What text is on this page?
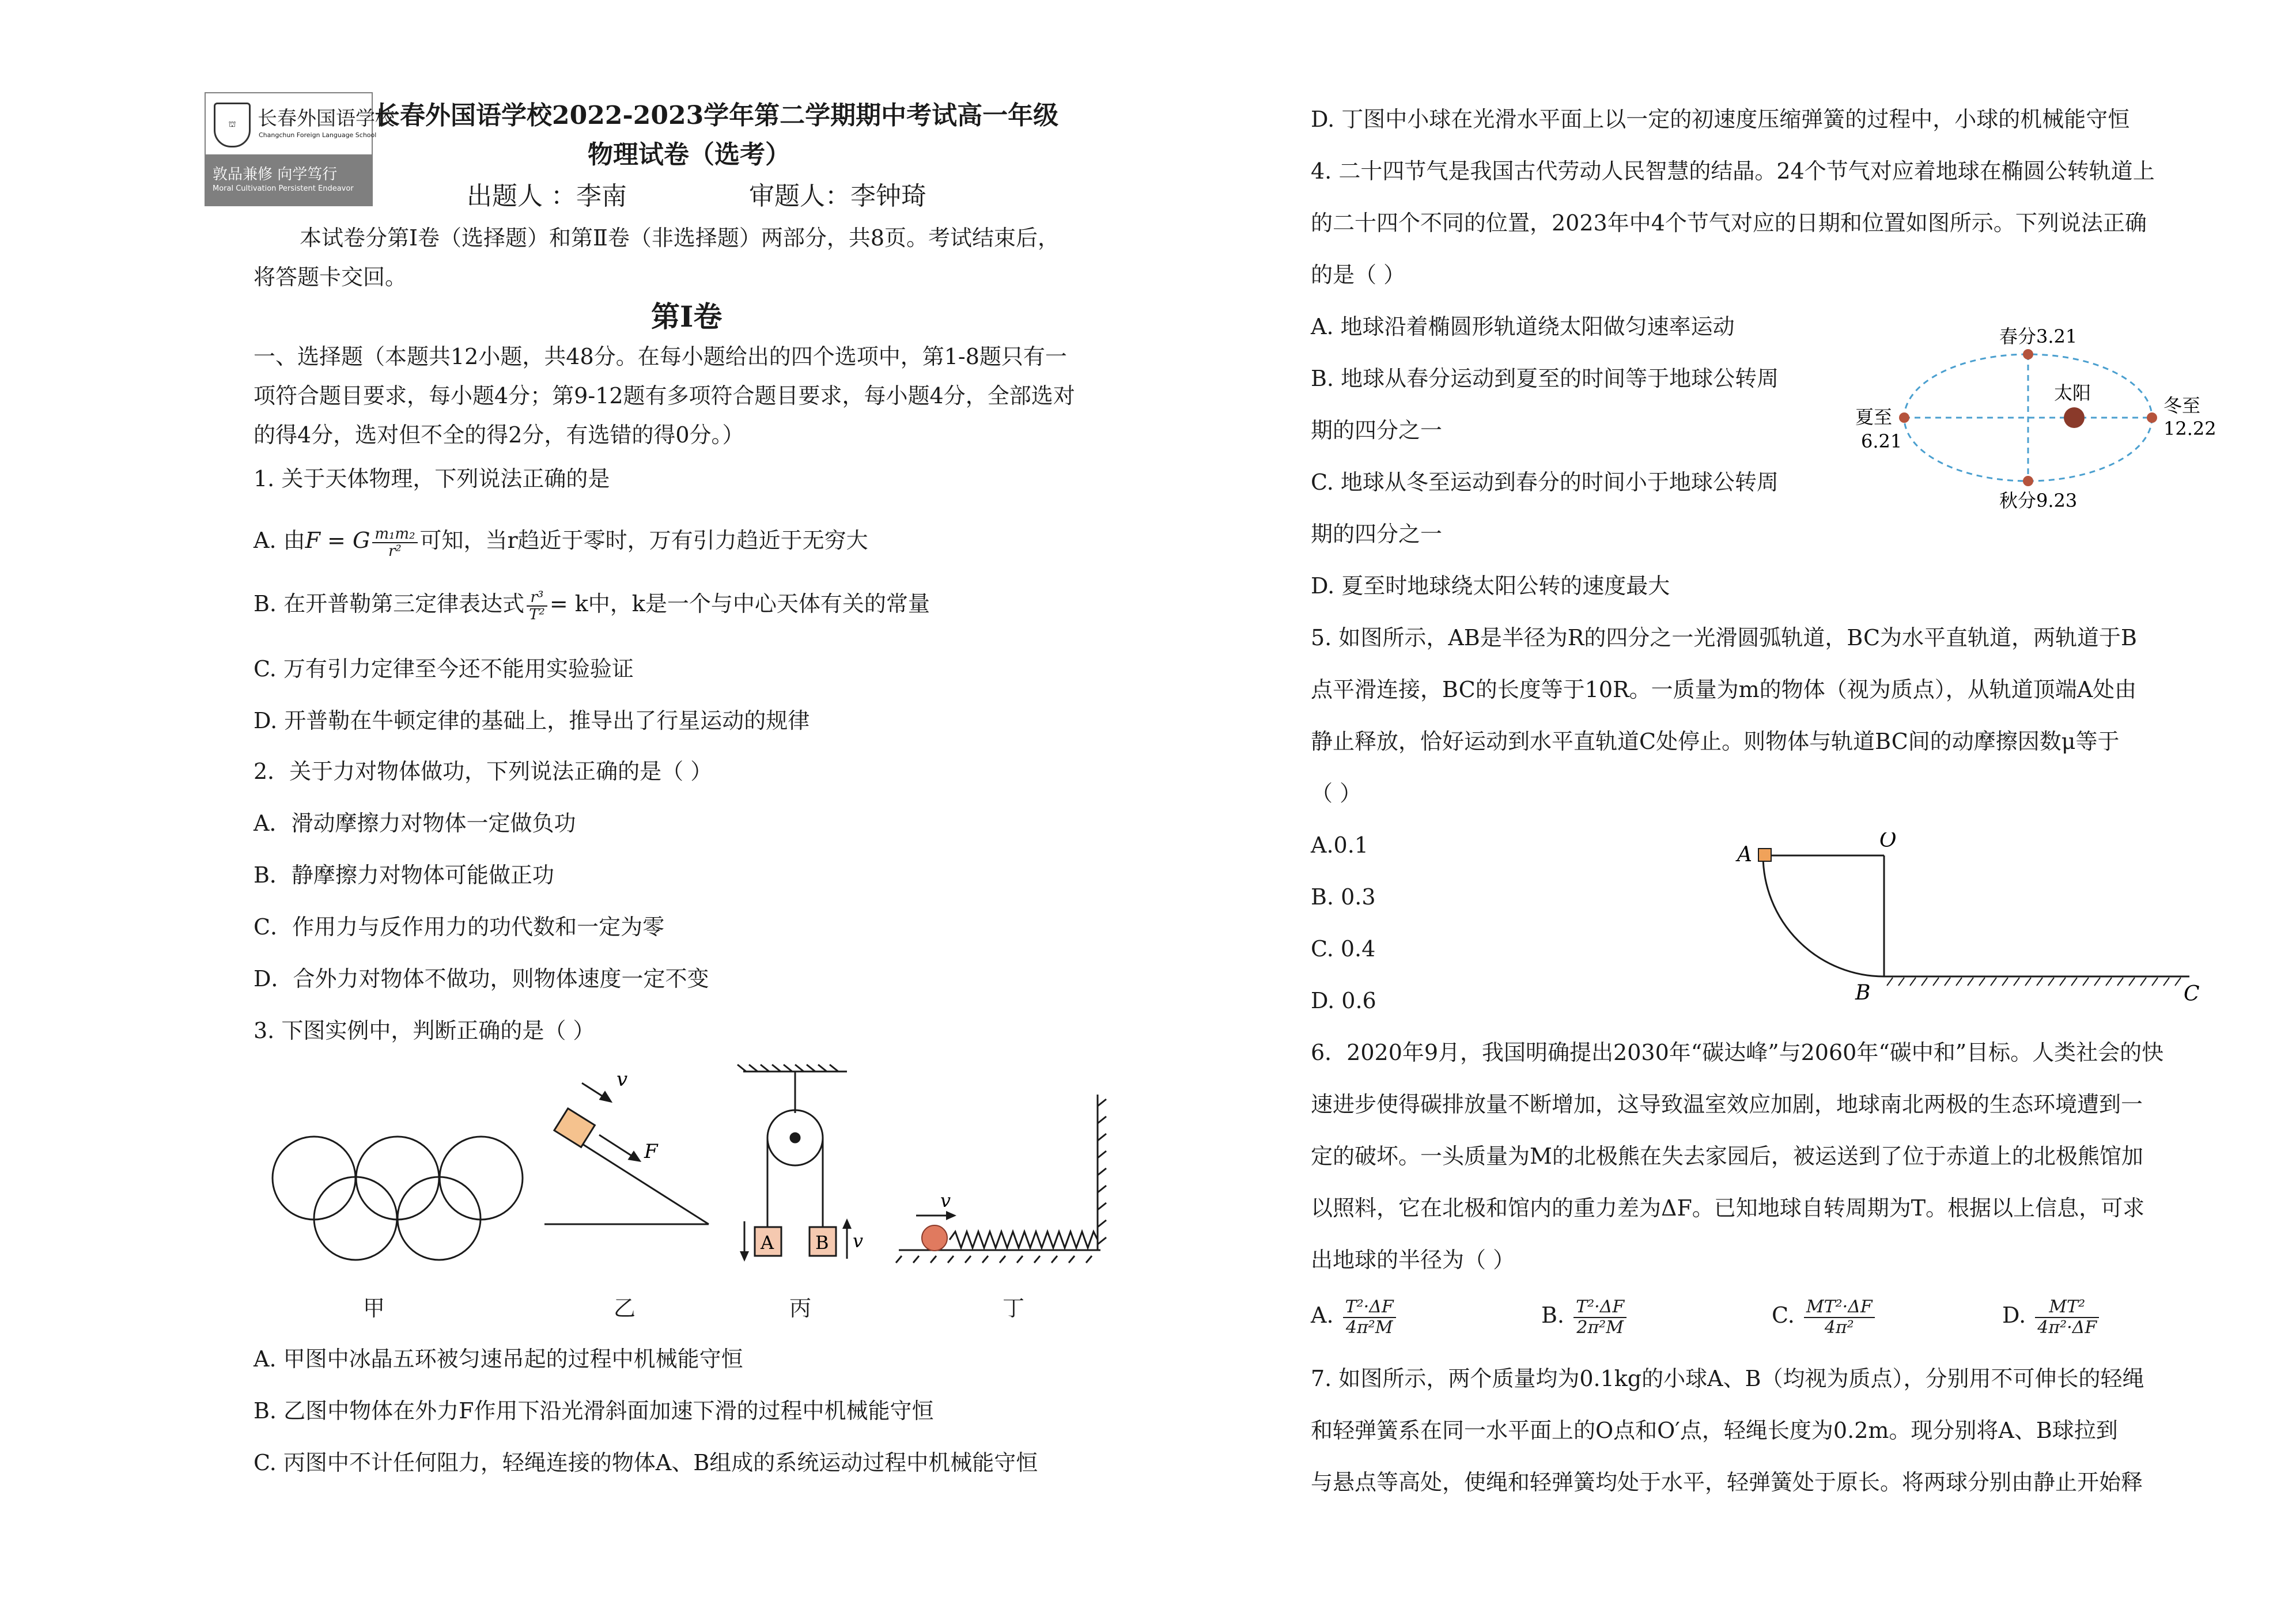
⛫	长春外国语学校
Changchun Foreign Language School
敦品兼修 向学笃行
Moral Cultivation Persistent Endeavor
长春外国语学校2022-2023学年第二学期期中考试高一年级
物理试卷（选考）
出题人 ：李南	审题人：李钟琦
本试卷分第Ⅰ卷（选择题）和第Ⅱ卷（非选择题）两部分，共8页。考试结束后，
将答题卡交回。
第Ⅰ卷
一、选择题（本题共12小题，共48分。在每小题给出的四个选项中，第1-8题只有一
项符合题目要求，每小题4分；第9-12题有多项符合题目要求，每小题4分，全部选对
的得4分，选对但不全的得2分，有选错的得0分。）
1. 关于天体物理，下列说法正确的是
A. 由F = G $\frac{\text{m₁m₂}}{\text{r²}}$ 可知，当r趋近于零时，万有引力趋近于无穷大
B. 在开普勒第三定律表达式 $\frac{\text{r³}}{\text{T²}} = k$中，k是一个与中心天体有关的常量
C. 万有引力定律至今还不能用实验验证
D. 开普勒在牛顿定律的基础上，推导出了行星运动的规律
2．关于力对物体做功，下列说法正确的是（ ）
A．滑动摩擦力对物体一定做负功
B．静摩擦力对物体可能做正功
C．作用力与反作用力的功代数和一定为零
D．合外力对物体不做功，则物体速度一定不变
3. 下图实例中，判断正确的是（ ）
v
F
A B v
v
甲	乙	丙	丁
A. 甲图中冰晶五环被匀速吊起的过程中机械能守恒
B. 乙图中物体在外力F作用下沿光滑斜面加速下滑的过程中机械能守恒
C. 丙图中不计任何阻力，轻绳连接的物体A、B组成的系统运动过程中机械能守恒
D. 丁图中小球在光滑水平面上以一定的初速度压缩弹簧的过程中，小球的机械能守恒
4. 二十四节气是我国古代劳动人民智慧的结晶。24个节气对应着地球在椭圆公转轨道上
的二十四个不同的位置，2023年中4个节气对应的日期和位置如图所示。下列说法正确
的是（ ）
A. 地球沿着椭圆形轨道绕太阳做匀速率运动
B. 地球从春分运动到夏至的时间等于地球公转周
期的四分之一
C. 地球从冬至运动到春分的时间小于地球公转周
期的四分之一
D. 夏至时地球绕太阳公转的速度最大
5. 如图所示，AB是半径为R的四分之一光滑圆弧轨道，BC为水平直轨道，两轨道于B
点平滑连接，BC的长度等于10R。一质量为m的物体（视为质点），从轨道顶端A处由
静止释放，恰好运动到水平直轨道C处停止。则物体与轨道BC间的动摩擦因数μ等于
（ ）
A.0.1
B. 0.3
C. 0.4
D. 0.6
6．2020年9月，我国明确提出2030年“碳达峰”与2060年“碳中和”目标。人类社会的快
速进步使得碳排放量不断增加，这导致温室效应加剧，地球南北两极的生态环境遭到一
定的破坏。一头质量为M的北极熊在失去家园后，被运送到了位于赤道上的北极熊馆加
以照料，它在北极和馆内的重力差为ΔF。已知地球自转周期为T。根据以上信息，可求
出地球的半径为（ ）
A. $\frac{\text{T²·ΔF}}{\text{4π²M}}$	B. $\frac{\text{T²·ΔF}}{\text{2π²M}}$	C. $\frac{\text{MT²·ΔF}}{\text{4π²}}$	D. $\frac{\text{MT²}}{\text{4π²·ΔF}}$
7. 如图所示，两个质量均为0.1kg的小球A、B（均视为质点），分别用不可伸长的轻绳
和轻弹簧系在同一水平面上的O点和O′点，轻绳长度为0.2m。现分别将A、B球拉到
与悬点等高处，使绳和轻弹簧均处于水平，轻弹簧处于原长。将两球分别由静止开始释
春分3.21
夏至
6.21
太阳
冬至
12.22
秋分9.23
A
O
B	C
